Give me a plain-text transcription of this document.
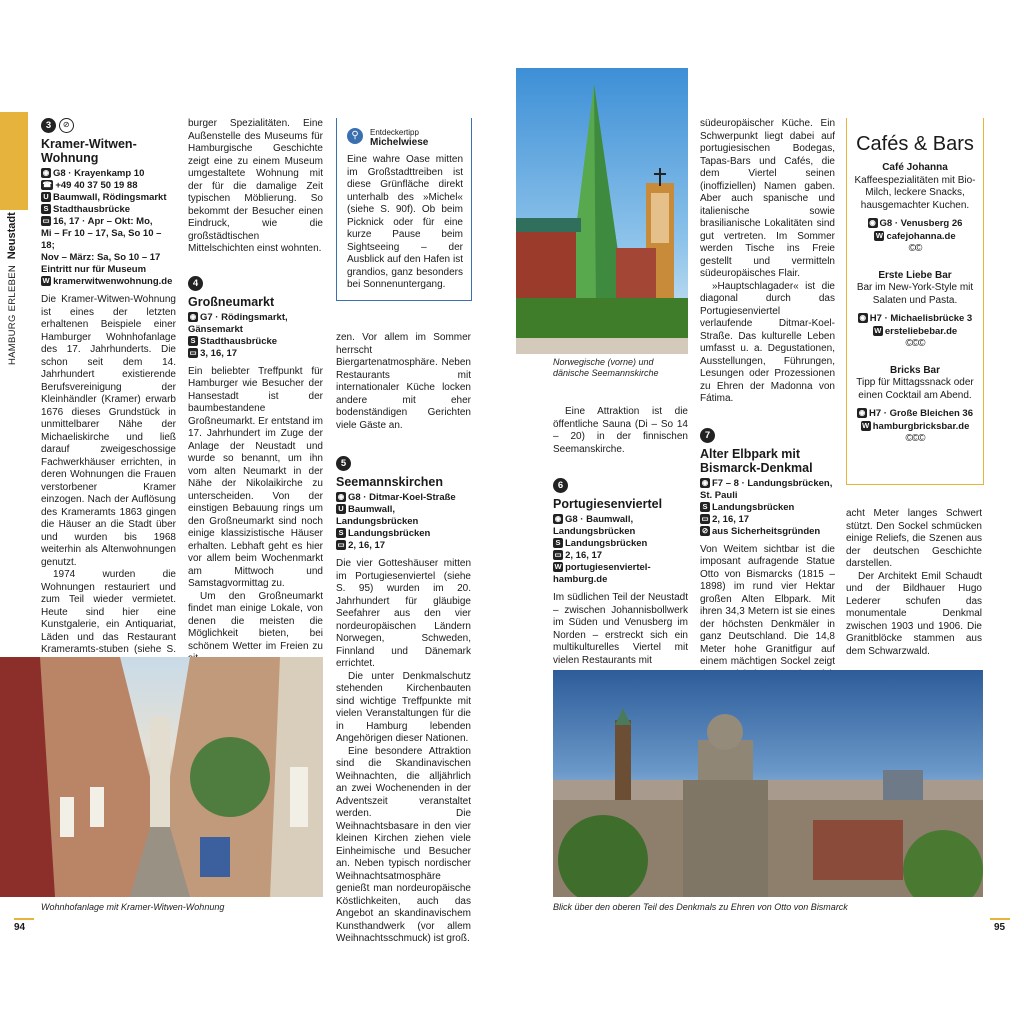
HAMBURG ERLEBEN Neustadt
3 ⊘
Kramer-Witwen-
Wohnung
◉ G8 · Krayenkamp 10
☎ +49 40 37 50 19 88
U Baumwall, Rödingsmarkt
S Stadthausbrücke
▭ 16, 17 · Apr – Okt: Mo,
Mi – Fr 10 – 17, Sa, So 10 – 18;
Nov – März: Sa, So 10 – 17
Eintritt nur für Museum
W kramerwitwenwohnung.de

Die Kramer-Witwen-Wohnung ist eines der letzten erhaltenen Beispiele einer Hamburger Wohnhofanlage des 17. Jahrhunderts. Die schon seit dem 14. Jahrhundert existierende Berufsvereinigung der Kleinhändler (Kramer) erwarb 1676 dieses Grundstück in unmittelbarer Nähe der Michaeliskirche und ließ darauf zweigeschossige Fachwerkhäuser errichten, in deren Wohnungen die Frauen verstorbener Kramer einzogen. Nach der Auflösung des Krameramts 1863 gingen die Häuser an die Stadt über und wurden bis 1968 weiterhin als Altenwohnungen genutzt.

1974 wurden die Wohnungen restauriert und zum Teil wieder vermietet. Heute sind hier eine Kunstgalerie, ein Antiquariat, Läden und das Restaurant Krameramts-stuben (siehe S.

burger Spezialitäten. Eine Außenstelle des Museums für Hamburgische Geschichte zeigt eine zu einem Museum umgestaltete Wohnung mit der für die damalige Zeit typischen Möblierung. So bekommt der Besucher einen Eindruck, wie die großstädtischen Mittelschichten einst wohnten.

4
Großneumarkt
◉ G7 · Rödingsmarkt, Gänsemarkt
S Stadthausbrücke
▭ 3, 16, 17

Ein beliebter Treffpunkt für Hamburger wie Besucher der Hansestadt ist der baumbestandene Großneumarkt. Er entstand im 17. Jahrhundert im Zuge der Anlage der Neustadt und wurde so benannt, um ihn vom alten Neumarkt in der Nähe der Nikolaikirche zu unterscheiden. Von der einstigen Bebauung rings um den Großneumarkt sind noch einige klassizistische Häuser erhalten. Lebhaft geht es hier vor allem beim Wochenmarkt am Mittwoch und Samstagvormittag zu.

Um den Großneumarkt findet man einige Lokale, von denen die meisten die Möglichkeit bieten, bei schönem Wetter im Freien zu

⚲	Entdeckertipp
Michelwiese
Eine wahre Oase mitten im Großstadttreiben ist diese Grünfläche direkt unterhalb des »Michel« (siehe S. 90f). Ob beim Picknick oder für eine kurze Pause beim Sightseeing – der Ausblick auf den Hafen ist grandios, ganz besonders bei Sonnenuntergang.

zen. Vor allem im Sommer herrscht Biergartenatmosphäre. Neben Restaurants mit internationaler Küche locken andere mit eher bodenständigen Gerichten viele Gäste an.

5
Seemannskirchen
◉ G8 · Ditmar-Koel-Straße
U Baumwall, Landungsbrücken
S Landungsbrücken
▭ 2, 16, 17

Die vier Gotteshäuser mitten im Portugiesenviertel (siehe S. 95) wurden im 20. Jahrhundert für gläubige Seefahrer aus den vier nordeuropäischen Ländern Norwegen, Schweden, Finnland und Dänemark errichtet.

Die unter Denkmalschutz stehenden Kirchenbauten sind wichtige Treffpunkte mit vielen Veranstaltungen für die in Hamburg lebenden Angehörigen dieser Nationen.

Eine besondere Attraktion sind die Skandinavischen Weihnachten, die alljährlich an zwei Wochenenden in der Adventszeit veranstaltet werden. Die Weihnachtsbasare in den vier kleinen Kirchen ziehen viele Einheimische und Besucher an. Neben typisch nordischer Weihnachtsatmosphäre genießt man nordeuropäische Köstlichkeiten, auch das Angebot an skandinavischem Kunsthandwerk (vor allem Weihnachtsschmuck) ist groß.

Wohnhofanlage mit Kramer-Witwen-Wohnung
94
Norwegische (vorne) und dänische Seemannskirche

Eine Attraktion ist die öffentliche Sauna (Di – So 14 – 20) in der finnischen Seemanskirche.

6
Portugiesenviertel
◉ G8 · Baumwall, Landungsbrücken
S Landungsbrücken
▭ 2, 16, 17
W portugiesenviertel-hamburg.de

Im südlichen Teil der Neustadt – zwischen Johannisbollwerk im Süden und Venusberg im Norden – erstreckt sich ein multikulturelles Viertel mit vielen Restaurants mit

südeuropäischer Küche. Ein Schwerpunkt liegt dabei auf portugiesischen Bodegas, Tapas-Bars und Cafés, die dem Viertel seinen (inoffiziellen) Namen gaben. Aber auch spanische und italienische sowie brasilianische Lokalitäten sind gut vertreten. Im Sommer werden Tische ins Freie gestellt und vermitteln südeuropäisches Flair.

»Hauptschlagader« ist die diagonal durch das Portugiesenviertel verlaufende Ditmar-Koel-Straße. Das kulturelle Leben umfasst u. a. Degustationen, Ausstellungen, Führungen, Lesungen oder Prozessionen zu Ehren der Madonna von Fátima.

7
Alter Elbpark mit
Bismarck-Denkmal
◉ F7 – 8 · Landungsbrücken, St. Pauli
S Landungsbrücken
▭ 2, 16, 17
⊘ aus Sicherheitsgründen

Von Weitem sichtbar ist die imposant aufragende Statue Otto von Bismarcks (1815 – 1898) im rund vier Hektar großen Alten Elbpark. Mit ihren 34,3 Metern ist sie eines der höchsten Denkmäler in ganz Deutschland. Die 14,8 Meter hohe Granitfigur auf einem mächtigen Sockel zeigt

Cafés & Bars
Café Johanna
Kaffeespezialitäten mit Bio-Milch, leckere Snacks, hausgemachter Kuchen.
◉ G8 · Venusberg 26
W cafejohanna.de
©©
Erste Liebe Bar
Bar im New-York-Style mit Salaten und Pasta.
◉ H7 · Michaelisbrücke 3
W ersteliebebar.de
©©©
Bricks Bar
Tipp für Mittagssnack oder einen Cocktail am Abend.
◉ H7 · Große Bleichen 36
W hamburgbricksbar.de
©©©

acht Meter langes Schwert stützt. Den Sockel schmücken einige Reliefs, die Szenen aus der deutschen Geschichte darstellen.

Der Architekt Emil Schaudt und der Bildhauer Hugo Lederer schufen das monumentale Denkmal zwischen 1903 und 1906. Die Granitblöcke stammen aus dem Schwarzwald.

Blick über den oberen Teil des Denkmals zu Ehren von Otto von Bismarck
95
